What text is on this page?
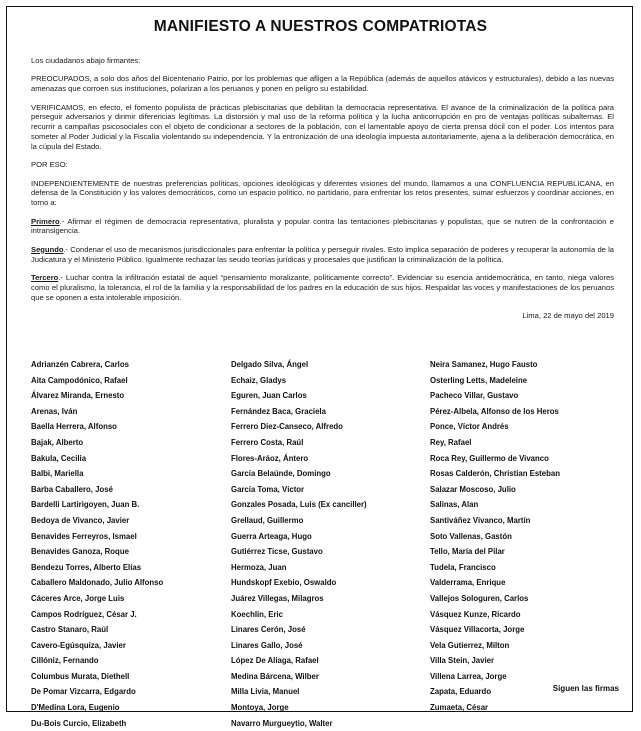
MANIFIESTO A NUESTROS COMPATRIOTAS

Los ciudadanos abajo firmantes:

PREOCUPADOS, a solo dos años del Bicentenario Patrio, por los problemas que afligen a la República (además de aquellos atávicos y estructurales), debido a las nuevas amenazas que corroen sus instituciones, polarizan a los peruanos y ponen en peligro su estabilidad.

VERIFICAMOS, en efecto, el fomento populista de prácticas plebiscitarias que debilitan la democracia representativa. El avance de la criminalización de la política para perseguir adversarios y dirimir diferencias legítimas. La distorsión y mal uso de la reforma política y la lucha anticorrupción en pro de ventajas políticas subalternas. El recurrir a campañas psicosociales con el objeto de condicionar a sectores de la población, con el lamentable apoyo de cierta prensa dócil con el poder. Los intentos para someter al Poder Judicial y la Fiscalía violentando su independencia. Y la entronización de una ideología impuesta autoritariamente, ajena a la deliberación democrática, en la cúpula del Estado.

POR ESO:

INDEPENDIENTEMENTE de nuestras preferencias políticas, opciones ideológicas y diferentes visiones del mundo, llamamos a una CONFLUENCIA REPUBLICANA, en defensa de la Constitución y los valores democráticos, como un espacio político, no partidario, para enfrentar los retos presentes, sumar esfuerzos y coordinar acciones, en torno a:

Primero.- Afirmar el régimen de democracia representativa, pluralista y popular contra las tentaciones plebiscitarias y populistas, que se nutren de la confrontación e intransigencia.

Segundo.- Condenar el uso de mecanismos jurisdiccionales para enfrentar la política y perseguir rivales. Esto implica separación de poderes y recuperar la autonomía de la Judicatura y el Ministerio Público. Igualmente rechazar las seudo teorías jurídicas y procesales que justifican la criminalización de la política.

Tercero.- Luchar contra la infiltración estatal de aquel “pensamiento moralizante, políticamente correcto”. Evidenciar su esencia antidemocrática, en tanto, niega valores como el pluralismo, la tolerancia, el rol de la familia y la responsabilidad de los padres en la educación de sus hijos. Respaldar las voces y manifestaciones de los peruanos que se oponen a esta intolerable imposición.

Lima, 22 de mayo del 2019

Adrianzén Cabrera, Carlos
Aita Campodónico, Rafael
Álvarez Miranda, Ernesto
Arenas, Iván
Baella Herrera, Alfonso
Bajak, Alberto
Bakula, Cecilia
Balbi, Mariella
Barba Caballero, José
Bardelli Lartirigoyen, Juan B.
Bedoya de Vivanco, Javier
Benavides Ferreyros, Ismael
Benavides Ganoza, Roque
Bendezu Torres, Alberto Elías
Caballero Maldonado, Julio Alfonso
Cáceres Arce, Jorge Luis
Campos Rodríguez, César J.
Castro Stanaro, Raúl
Cavero-Egúsquiza, Javier
Cillóniz, Fernando
Columbus Murata, Diethell
De Pomar Vizcarra, Edgardo
D'Medina Lora, Eugenio
Du-Bois Curcio, Elizabeth
Delgado Silva, Ángel
Echaiz, Gladys
Eguren, Juan Carlos
Fernández Baca, Graciela
Ferrero Diez-Canseco, Alfredo
Ferrero Costa, Raúl
Flores-Aráoz, Ántero
García Belaúnde, Domingo
García Toma, Víctor
Gonzales Posada, Luis (Ex canciller)
Grellaud, Guillermo
Guerra Arteaga, Hugo
Gutiérrez Ticse, Gustavo
Hermoza, Juan
Hundskopf Exebio, Oswaldo
Juárez Villegas, Milagros
Koechlin, Eric
Linares Cerón, José
Linares Gallo, José
López De Aliaga, Rafael
Medina Bárcena, Wilber
Milla Livia, Manuel
Montoya, Jorge
Navarro Murgueytio, Walter
Neira Samanez, Hugo Fausto
Osterling Letts, Madeleine
Pacheco Villar, Gustavo
Pérez-Albela, Alfonso de los Heros
Ponce, Víctor Andrés
Rey, Rafael
Roca Rey, Guillermo de Vivanco
Rosas Calderón, Christian Esteban
Salazar Moscoso, Julio
Salinas, Alan
Santiváñez Vivanco, Martín
Soto Vallenas, Gastón
Tello, María del Pilar
Tudela, Francisco
Valderrama, Enrique
Vallejos Sologuren, Carlos
Vásquez Kunze, Ricardo
Vásquez Villacorta, Jorge
Vela Gutierrez, Milton
Villa Stein, Javier
Villena Larrea, Jorge
Zapata, Eduardo
Zumaeta, César
Siguen las firmas
